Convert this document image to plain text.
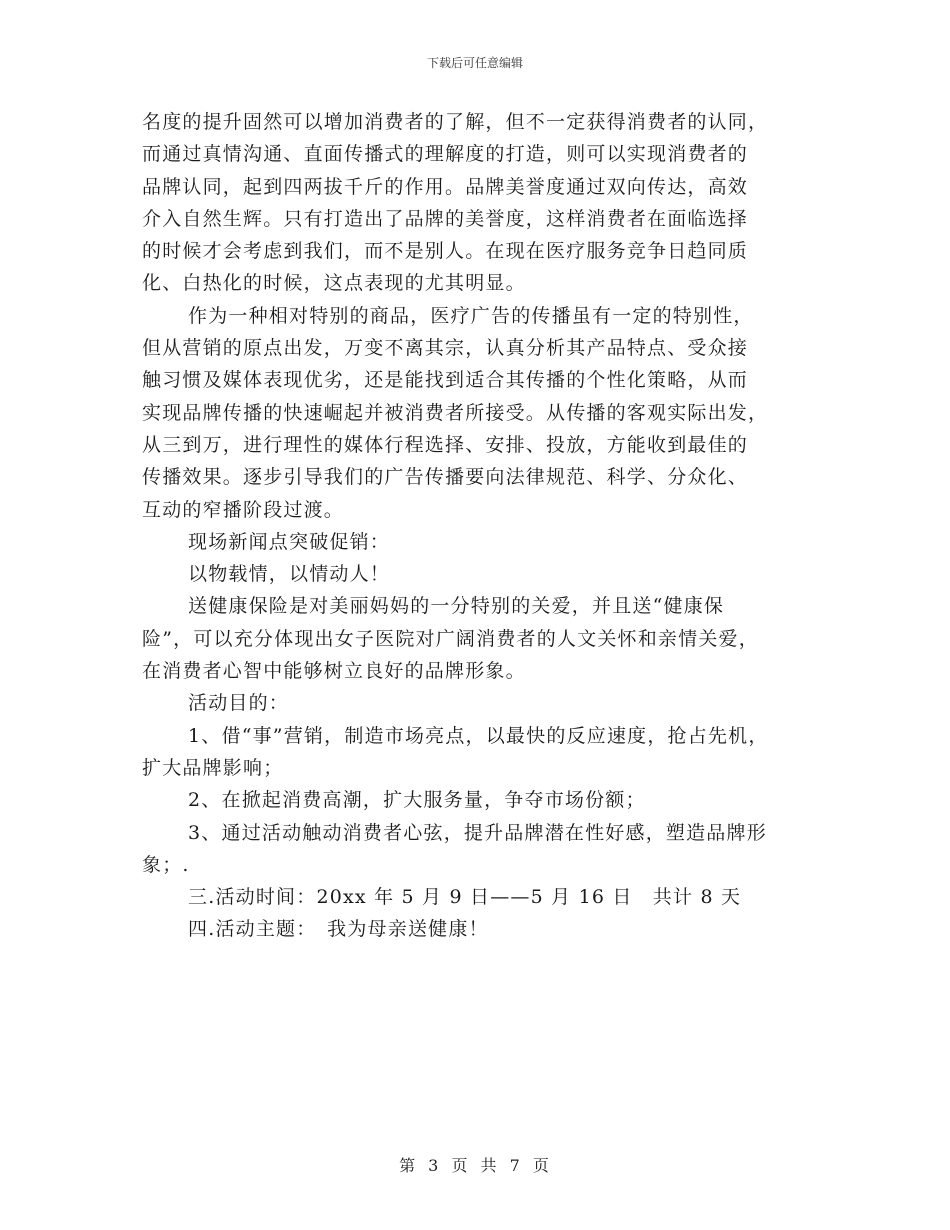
下载后可任意编辑
名度的提升固然可以增加消费者的了解，但不一定获得消费者的认同，
而通过真情沟通、直面传播式的理解度的打造，则可以实现消费者的
品牌认同，起到四两拔千斤的作用。品牌美誉度通过双向传达，高效
介入自然生辉。只有打造出了品牌的美誉度，这样消费者在面临选择
的时候才会考虑到我们，而不是别人。在现在医疗服务竞争日趋同质
化、白热化的时候，这点表现的尤其明显。
作为一种相对特别的商品，医疗广告的传播虽有一定的特别性，
但从营销的原点出发，万变不离其宗，认真分析其产品特点、受众接
触习惯及媒体表现优劣，还是能找到适合其传播的个性化策略，从而
实现品牌传播的快速崛起并被消费者所接受。从传播的客观实际出发，
从三到万，进行理性的媒体行程选择、安排、投放，方能收到最佳的
传播效果。逐步引导我们的广告传播要向法律规范、科学、分众化、
互动的窄播阶段过渡。
现场新闻点突破促销：
以物载情，以情动人！
送健康保险是对美丽妈妈的一分特别的关爱，并且送“健康保
险”，可以充分体现出女子医院对广阔消费者的人文关怀和亲情关爱，
在消费者心智中能够树立良好的品牌形象。
活动目的：
1、借“事”营销，制造市场亮点，以最快的反应速度，抢占先机，
扩大品牌影响；
2、在掀起消费高潮，扩大服务量，争夺市场份额；
3、通过活动触动消费者心弦，提升品牌潜在性好感，塑造品牌形
象；.
三.活动时间：20xx 年 5 月 9 日——5 月 16 日　共计 8 天
四.活动主题：　我为母亲送健康！
第 3 页 共 7 页
